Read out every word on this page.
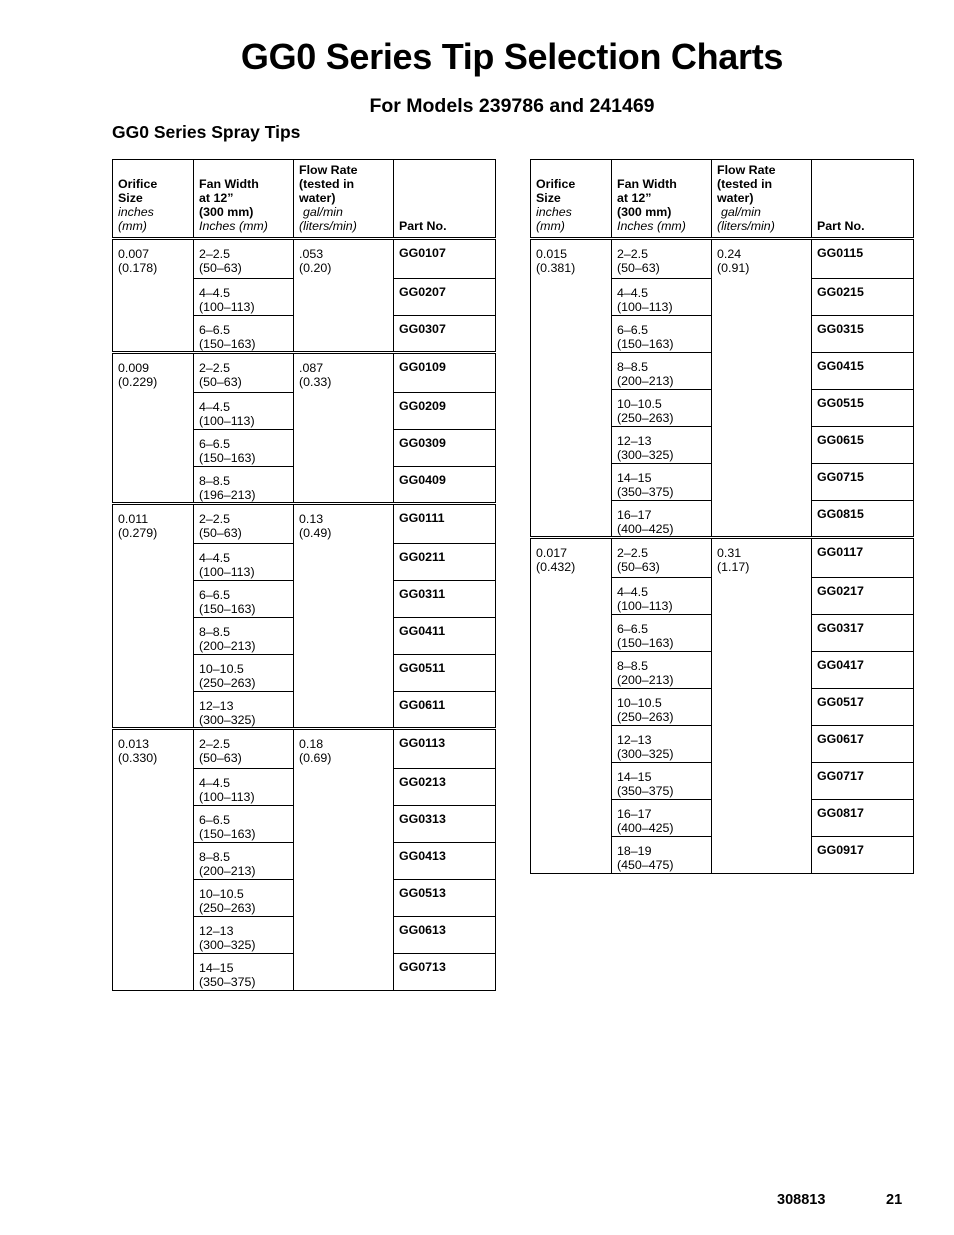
GG0 Series Tip Selection Charts
For Models 239786 and 241469
GG0 Series Spray Tips
Orifice
Size
inches
(mm)	Fan Width
at 12”
(300 mm)
Inches (mm)	Flow Rate
(tested in
water)
gal/min
(liters/min)	Part No.

0.007
(0.178)	2–2.5
(50–63)	.053
(0.20)	GG0107

	4–4.5
(100–113)		GG0207

	6–6.5
(150–163)		GG0307

0.009
(0.229)	2–2.5
(50–63)	.087
(0.33)	GG0109

	4–4.5
(100–113)		GG0209

	6–6.5
(150–163)		GG0309

	8–8.5
(196–213)		GG0409

0.011
(0.279)	2–2.5
(50–63)	0.13
(0.49)	GG0111

	4–4.5
(100–113)		GG0211

	6–6.5
(150–163)		GG0311

	8–8.5
(200–213)		GG0411

	10–10.5
(250–263)		GG0511

	12–13
(300–325)		GG0611

0.013
(0.330)	2–2.5
(50–63)	0.18
(0.69)	GG0113

	4–4.5
(100–113)		GG0213

	6–6.5
(150–163)		GG0313

	8–8.5
(200–213)		GG0413

	10–10.5
(250–263)		GG0513

	12–13
(300–325)		GG0613

	14–15
(350–375)		GG0713
Orifice
Size
inches
(mm)	Fan Width
at 12”
(300 mm)
Inches (mm)	Flow Rate
(tested in
water)
gal/min
(liters/min)	Part No.

0.015
(0.381)	2–2.5
(50–63)	0.24
(0.91)	GG0115

	4–4.5
(100–113)		GG0215

	6–6.5
(150–163)		GG0315

	8–8.5
(200–213)		GG0415

	10–10.5
(250–263)		GG0515

	12–13
(300–325)		GG0615

	14–15
(350–375)		GG0715

	16–17
(400–425)		GG0815

0.017
(0.432)	2–2.5
(50–63)	0.31
(1.17)	GG0117

	4–4.5
(100–113)		GG0217

	6–6.5
(150–163)		GG0317

	8–8.5
(200–213)		GG0417

	10–10.5
(250–263)		GG0517

	12–13
(300–325)		GG0617

	14–15
(350–375)		GG0717

	16–17
(400–425)		GG0817

	18–19
(450–475)		GG0917
308813	21
